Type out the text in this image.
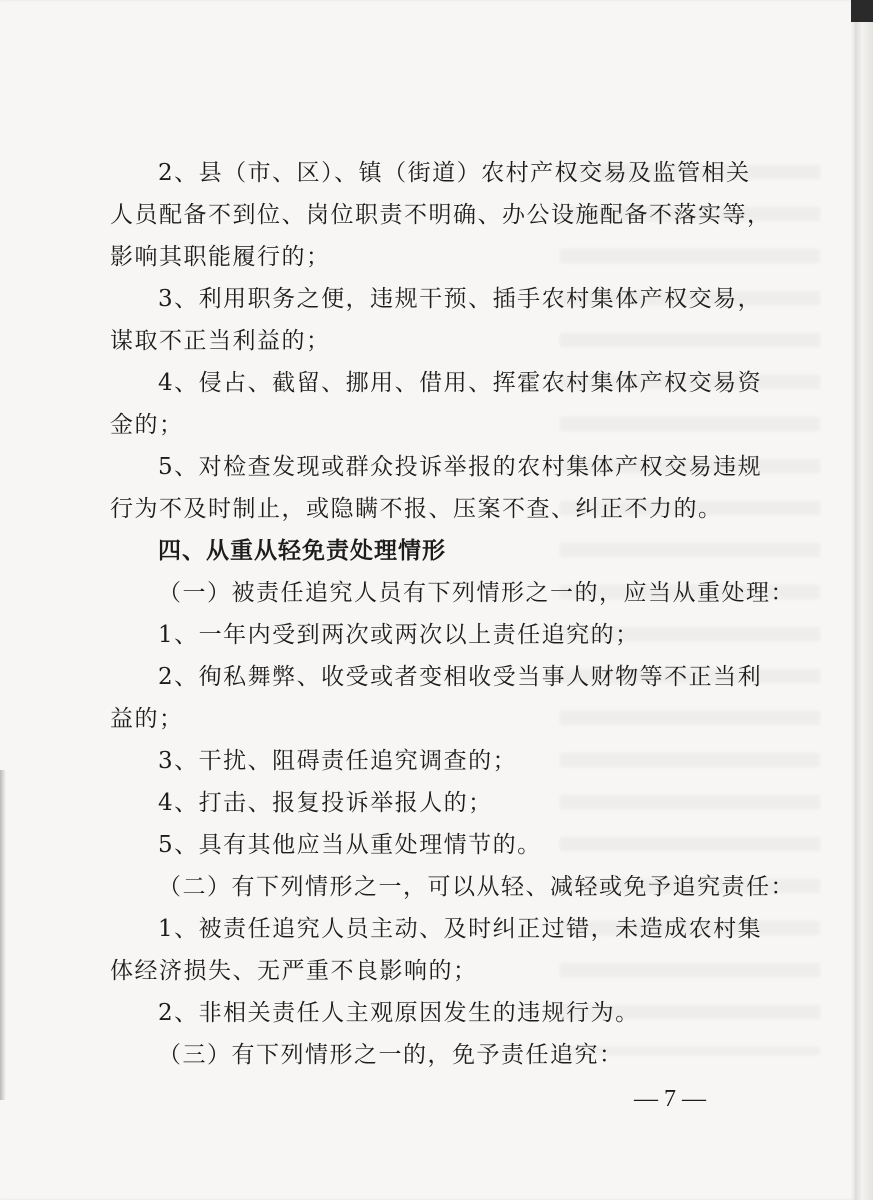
2、县（市、区）、镇（街道）农村产权交易及监管相关
人员配备不到位、岗位职责不明确、办公设施配备不落实等，
影响其职能履行的；
3、利用职务之便，违规干预、插手农村集体产权交易，
谋取不正当利益的；
4、侵占、截留、挪用、借用、挥霍农村集体产权交易资
金的；
5、对检查发现或群众投诉举报的农村集体产权交易违规
行为不及时制止，或隐瞒不报、压案不查、纠正不力的。
四、从重从轻免责处理情形
（一）被责任追究人员有下列情形之一的，应当从重处理：
1、一年内受到两次或两次以上责任追究的；
2、徇私舞弊、收受或者变相收受当事人财物等不正当利
益的；
3、干扰、阻碍责任追究调查的；
4、打击、报复投诉举报人的；
5、具有其他应当从重处理情节的。
（二）有下列情形之一，可以从轻、减轻或免予追究责任：
1、被责任追究人员主动、及时纠正过错，未造成农村集
体经济损失、无严重不良影响的；
2、非相关责任人主观原因发生的违规行为。
（三）有下列情形之一的，免予责任追究：
— 7 —
